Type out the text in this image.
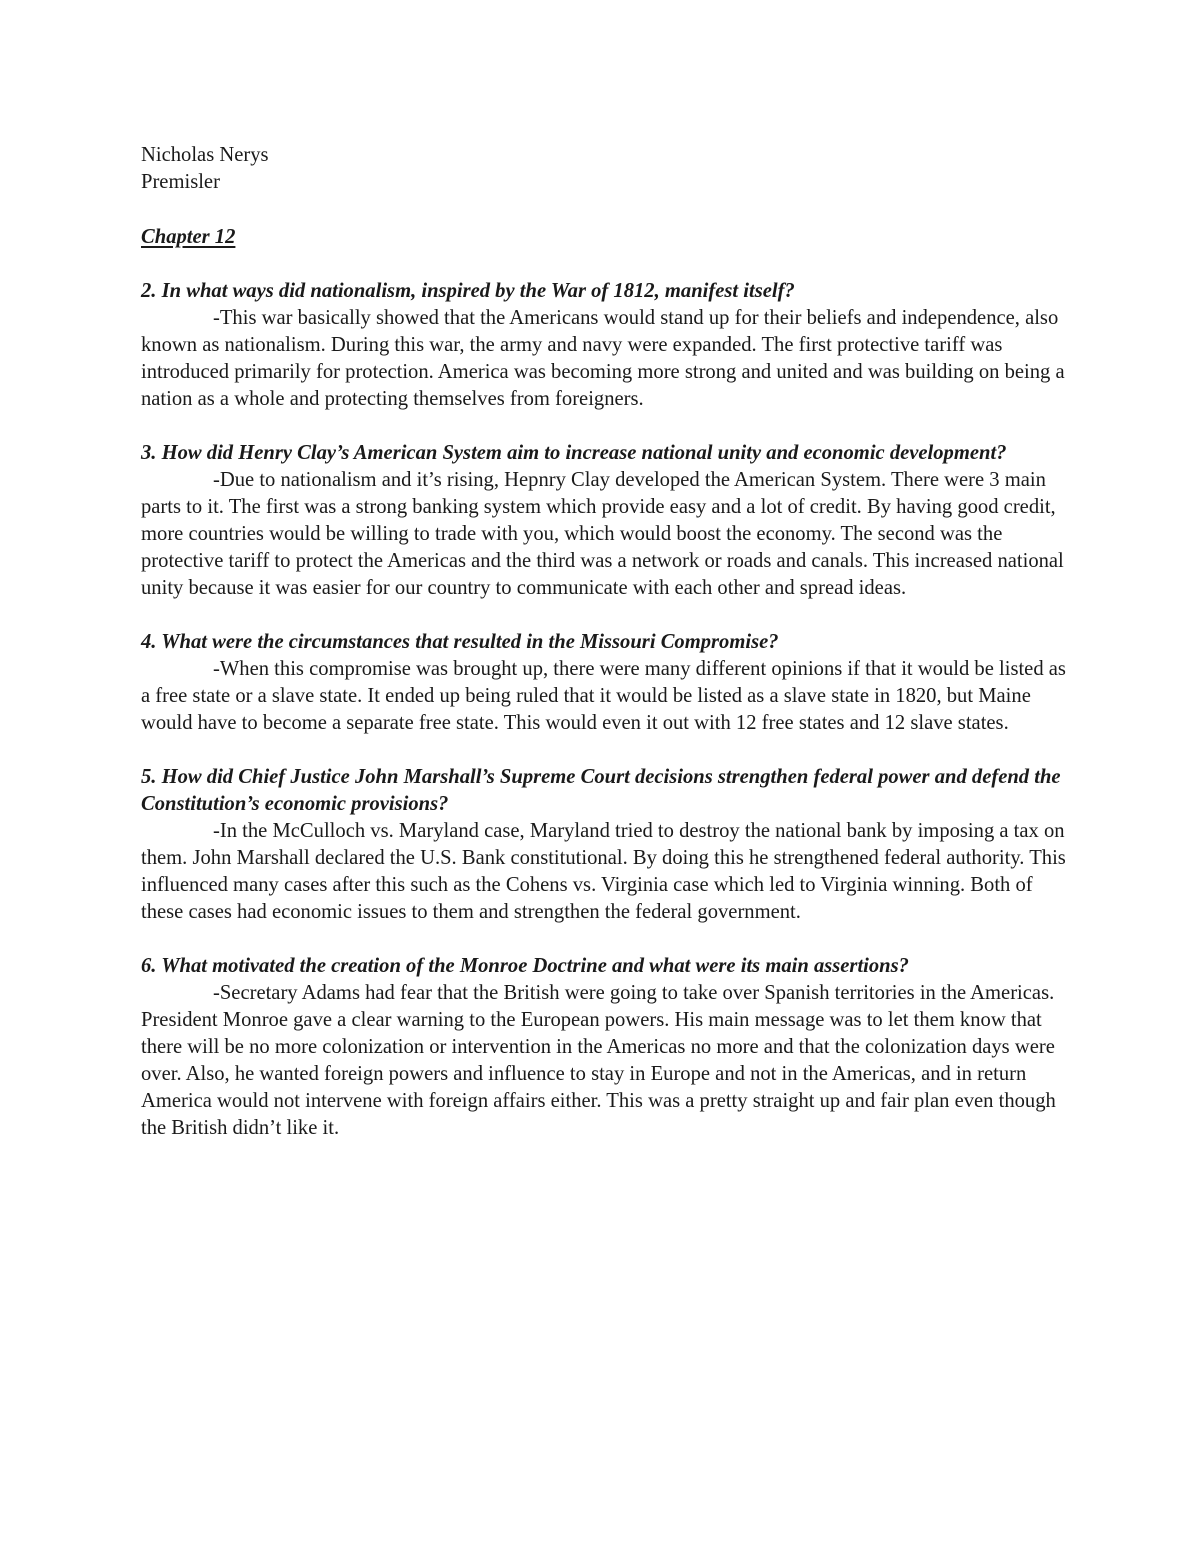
Nicholas Nerys
Premisler
Chapter 12
2. In what ways did nationalism, inspired by the War of 1812, manifest itself?
-This war basically showed that the Americans would stand up for their beliefs and independence, also known as nationalism. During this war, the army and navy were expanded. The first protective tariff was introduced primarily for protection. America was becoming more strong and united and was building on being a nation as a whole and protecting themselves from foreigners.
3. How did Henry Clay’s American System aim to increase national unity and economic development?
-Due to nationalism and it’s rising, Hepnry Clay developed the American System. There were 3 main parts to it. The first was a strong banking system which provide easy and a lot of credit. By having good credit, more countries would be willing to trade with you, which would boost the economy. The second was the protective tariff to protect the Americas and the third was a network or roads and canals. This increased national unity because it was easier for our country to communicate with each other and spread ideas.
4. What were the circumstances that resulted in the Missouri Compromise?
-When this compromise was brought up, there were many different opinions if that it would be listed as a free state or a slave state. It ended up being ruled that it would be listed as a slave state in 1820, but Maine would have to become a separate free state. This would even it out with 12 free states and 12 slave states.
5. How did Chief Justice John Marshall’s Supreme Court decisions strengthen federal power and defend the Constitution’s economic provisions?
-In the McCulloch vs. Maryland case, Maryland tried to destroy the national bank by imposing a tax on them. John Marshall declared the U.S. Bank constitutional. By doing this he strengthened federal authority. This influenced many cases after this such as the Cohens vs. Virginia case which led to Virginia winning. Both of these cases had economic issues to them and strengthen the federal government.
6. What motivated the creation of the Monroe Doctrine and what were its main assertions?
-Secretary Adams had fear that the British were going to take over Spanish territories in the Americas. President Monroe gave a clear warning to the European powers. His main message was to let them know that there will be no more colonization or intervention in the Americas no more and that the colonization days were over. Also, he wanted foreign powers and influence to stay in Europe and not in the Americas, and in return America would not intervene with foreign affairs either. This was a pretty straight up and fair plan even though the British didn’t like it.
